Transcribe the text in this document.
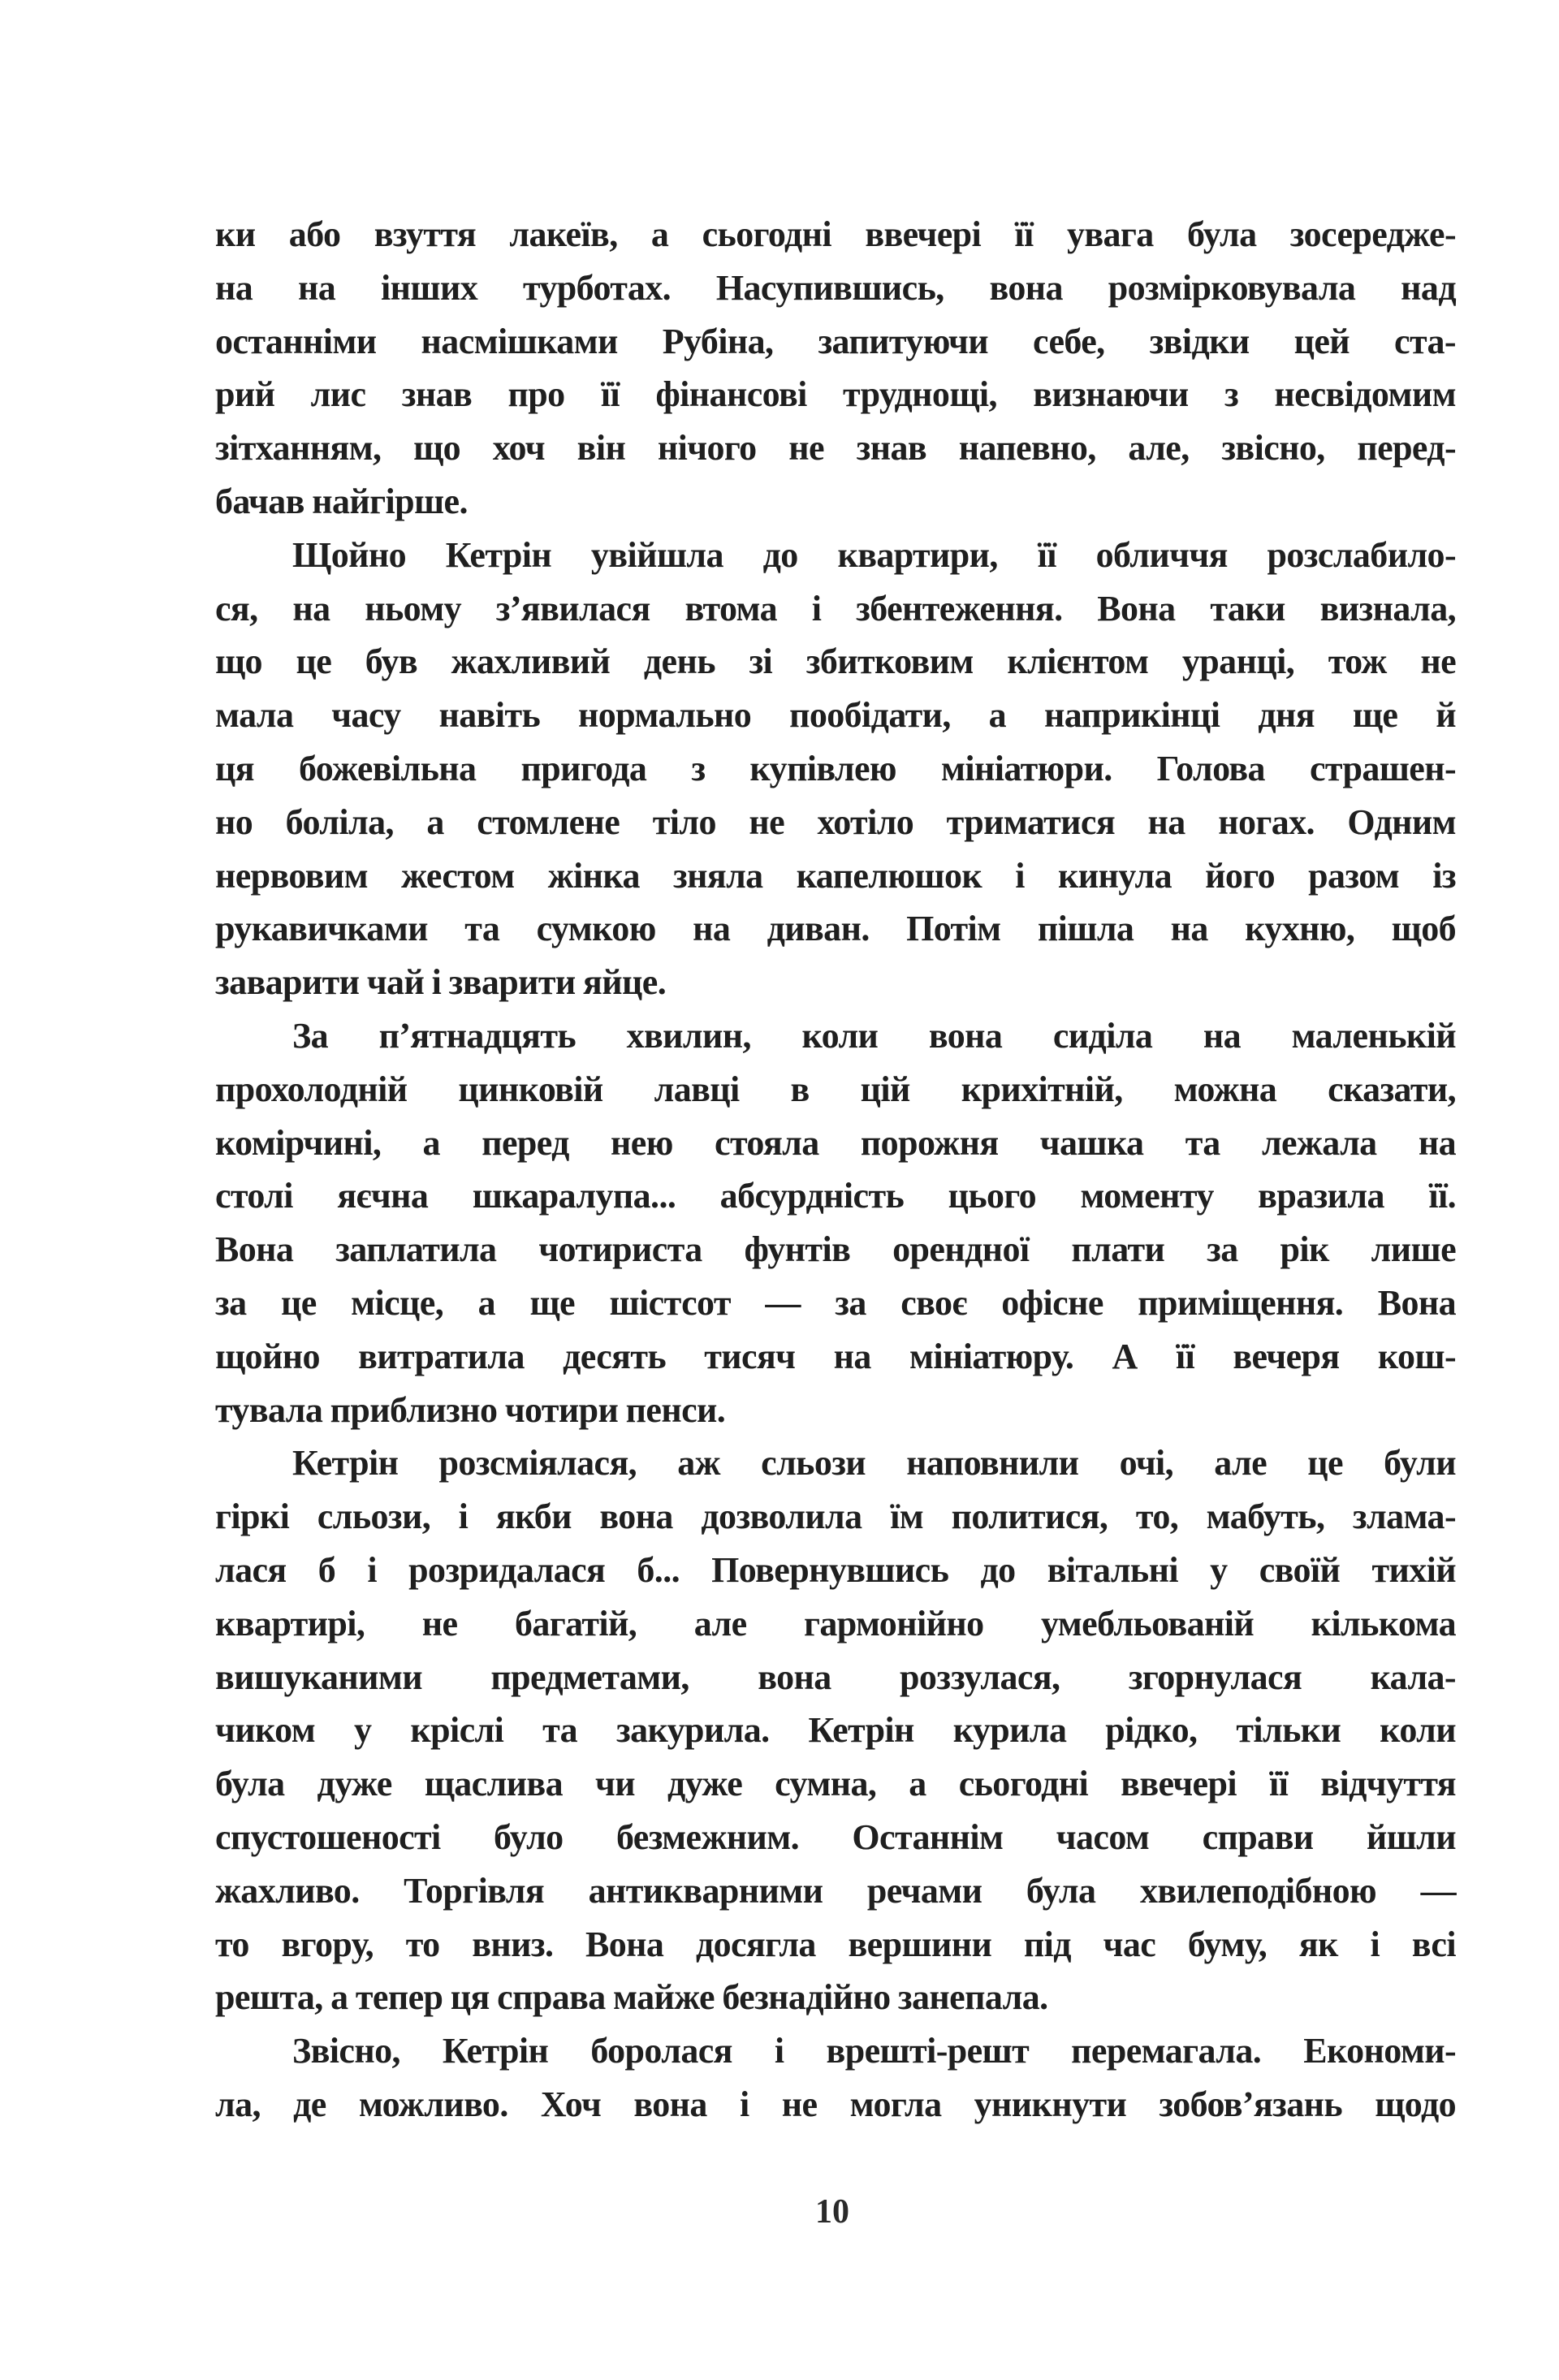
ки або взуття лакеїв, а сьогодні ввечері її увага була зосередже-
на на інших турботах. Насупившись, вона розмірковувала над
останніми насмішками Рубіна, запитуючи себе, звідки цей ста-
рий лис знав про її фінансові труднощі, визнаючи з несвідомим
зітханням, що хоч він нічого не знав напевно, але, звісно, перед-
бачав найгірше.
Щойно Кетрін увійшла до квартири, її обличчя розслабило-
ся, на ньому зʼявилася втома і збентеження. Вона таки визнала,
що це був жахливий день зі збитковим клієнтом уранці, тож не
мала часу навіть нормально пообідати, а наприкінці дня ще й
ця божевільна пригода з купівлею мініатюри. Голова страшен-
но боліла, а стомлене тіло не хотіло триматися на ногах. Одним
нервовим жестом жінка зняла капелюшок і кинула його разом із
рукавичками та сумкою на диван. Потім пішла на кухню, щоб
заварити чай і зварити яйце.
За пʼятнадцять хвилин, коли вона сиділа на маленькій
прохолодній цинковій лавці в цій крихітній, можна сказати,
комірчині, а перед нею стояла порожня чашка та лежала на
столі яєчна шкаралупа... абсурдність цього моменту вразила її.
Вона заплатила чотириста фунтів орендної плати за рік лише
за це місце, а ще шістсот — за своє офісне приміщення. Вона
щойно витратила десять тисяч на мініатюру. А її вечеря кош-
тувала приблизно чотири пенси.
Кетрін розсміялася, аж сльози наповнили очі, але це були
гіркі сльози, і якби вона дозволила їм политися, то, мабуть, злама-
лася б і розридалася б... Повернувшись до вітальні у своїй тихій
квартирі, не багатій, але гармонійно умебльованій кількома
вишуканими предметами, вона роззулася, згорнулася кала-
чиком у кріслі та закурила. Кетрін курила рідко, тільки коли
була дуже щаслива чи дуже сумна, а сьогодні ввечері її відчуття
спустошеності було безмежним. Останнім часом справи йшли
жахливо. Торгівля антикварними речами була хвилеподібною —
то вгору, то вниз. Вона досягла вершини під час буму, як і всі
решта, а тепер ця справа майже безнадійно занепала.
Звісно, Кетрін боролася і врешті-решт перемагала. Економи-
ла, де можливо. Хоч вона і не могла уникнути зобовʼязань щодо
10
